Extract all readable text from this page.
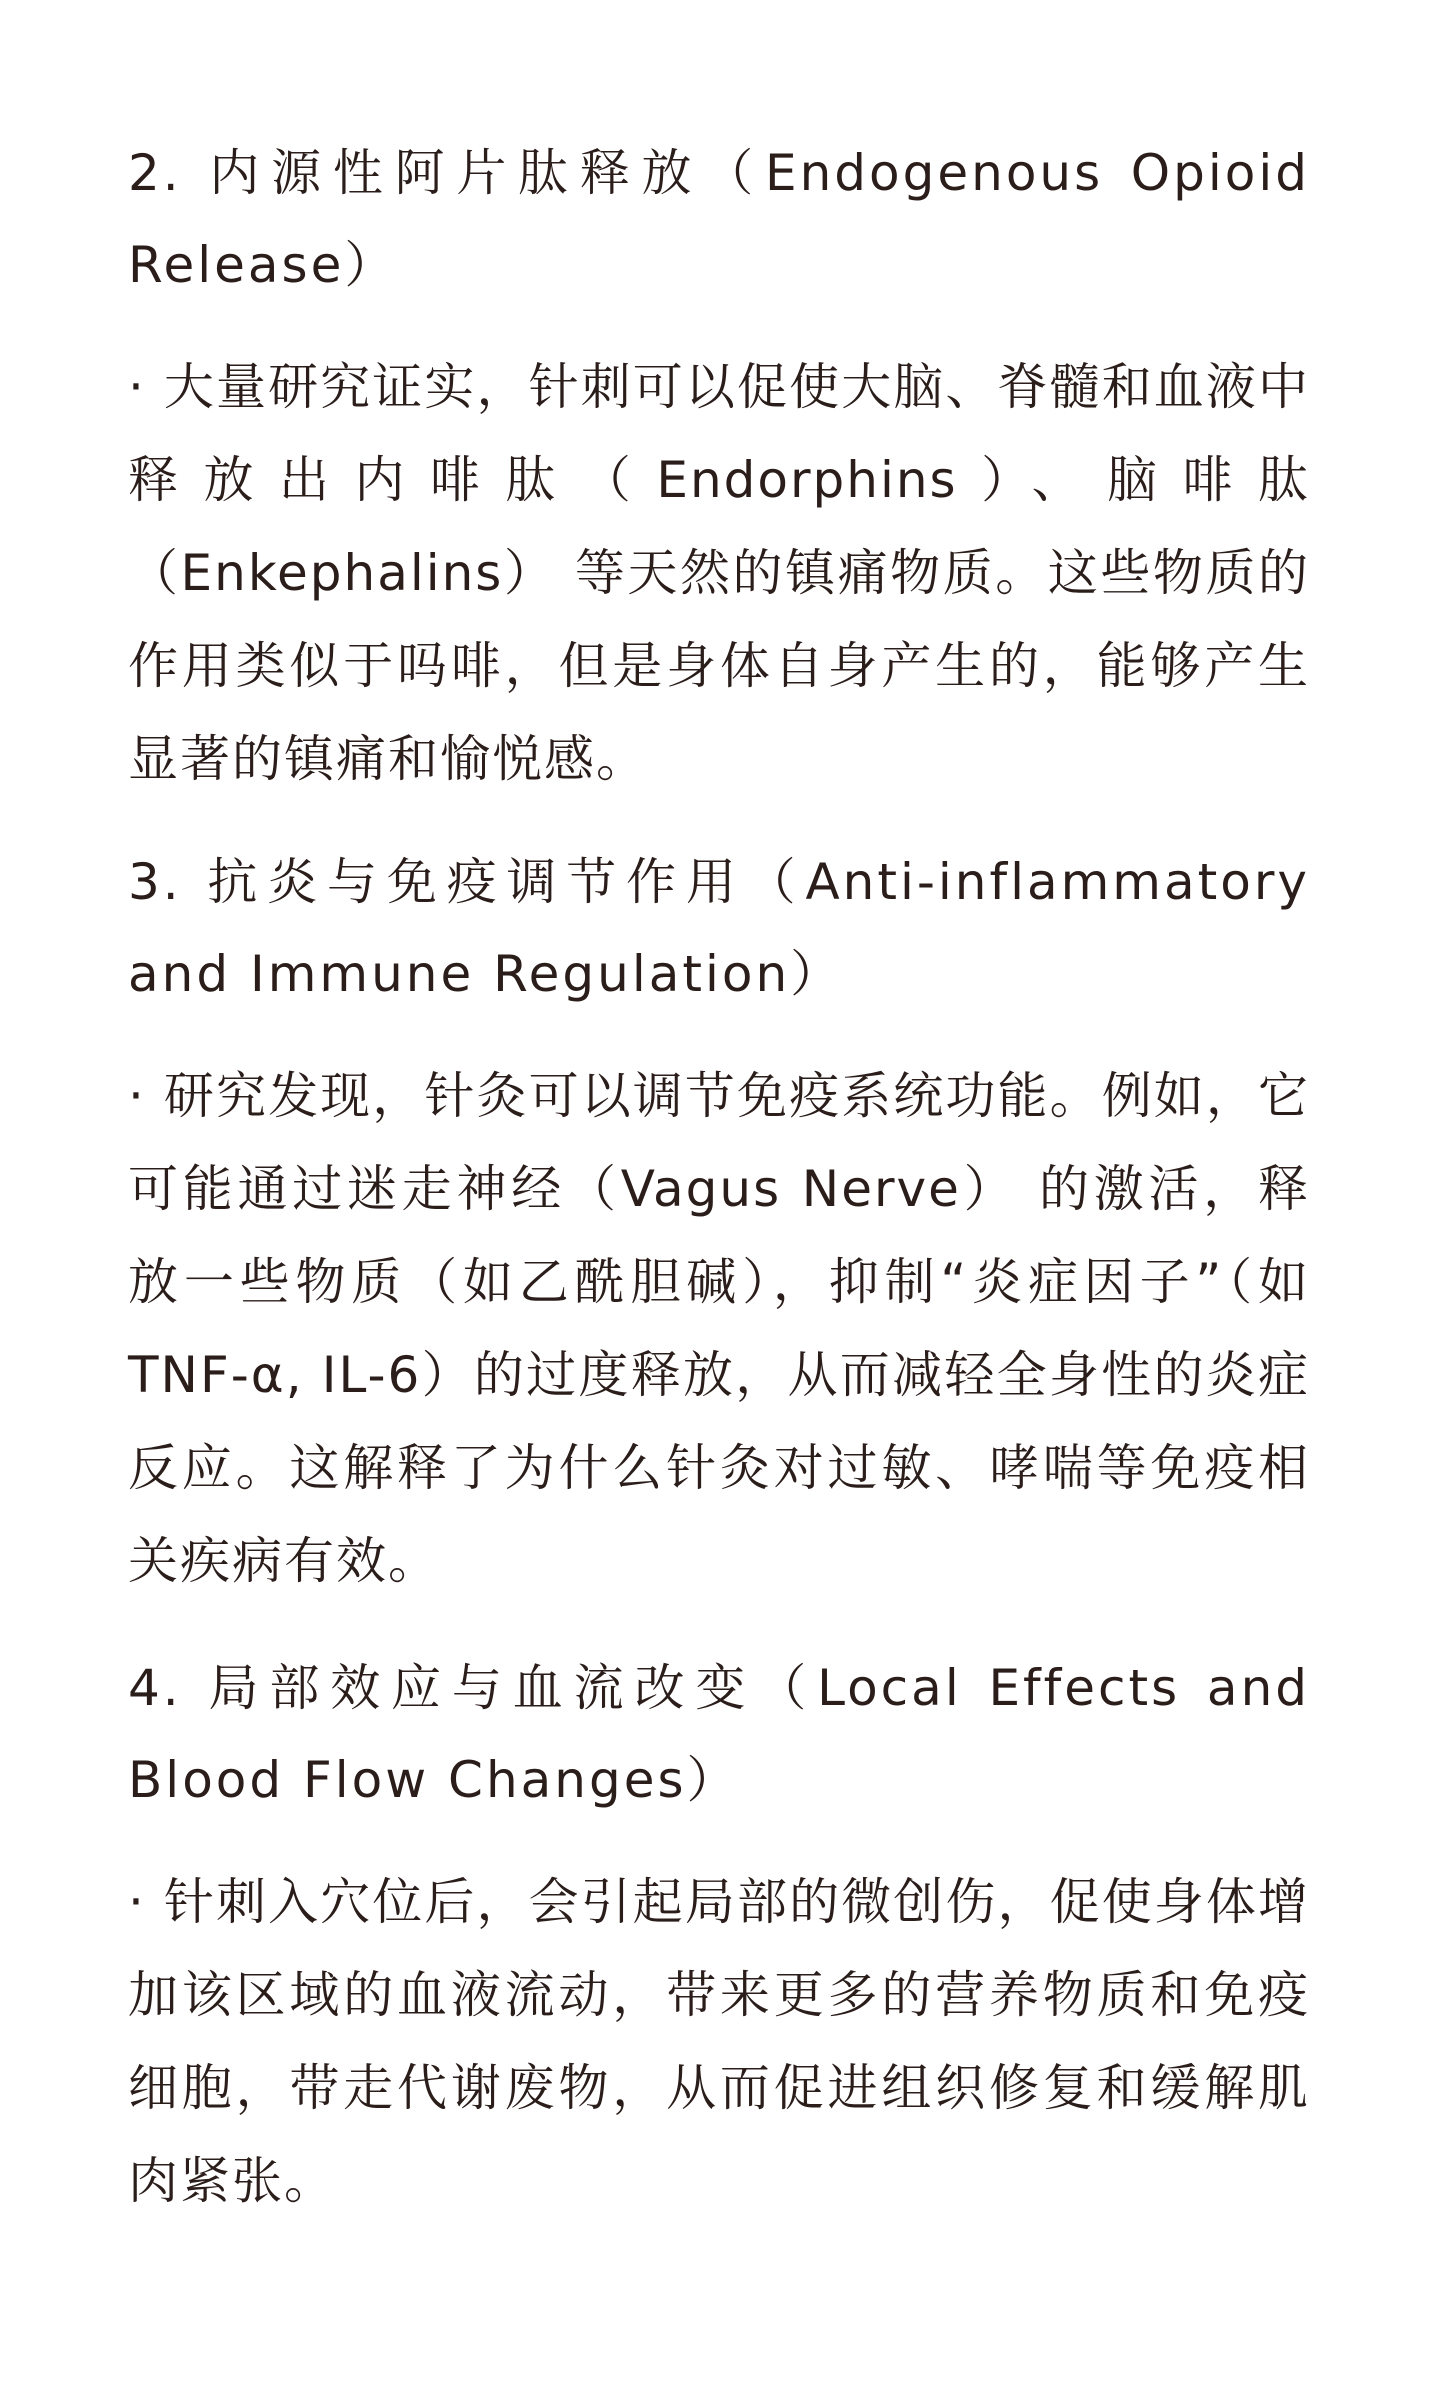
2. 内源性阿片肽释放（Endogenous Opioid Release）

· 大量研究证实，针刺可以促使大脑、脊髓和血液中释放出内啡肽（Endorphins）、脑啡肽（Enkephalins） 等天然的镇痛物质。这些物质的作用类似于吗啡，但是身体自身产生的，能够产生显著的镇痛和愉悦感。

3. 抗炎与免疫调节作用（Anti-inflammatory and Immune Regulation）

· 研究发现，针灸可以调节免疫系统功能。例如，它可能通过迷走神经（Vagus Nerve） 的激活，释放一些物质（如乙酰胆碱），抑制“炎症因子”（如TNF-α, IL-6）的过度释放，从而减轻全身性的炎症反应。这解释了为什么针灸对过敏、哮喘等免疫相关疾病有效。

4. 局部效应与血流改变（Local Effects and Blood Flow Changes）

· 针刺入穴位后，会引起局部的微创伤，促使身体增加该区域的血液流动，带来更多的营养物质和免疫细胞，带走代谢废物，从而促进组织修复和缓解肌肉紧张。
